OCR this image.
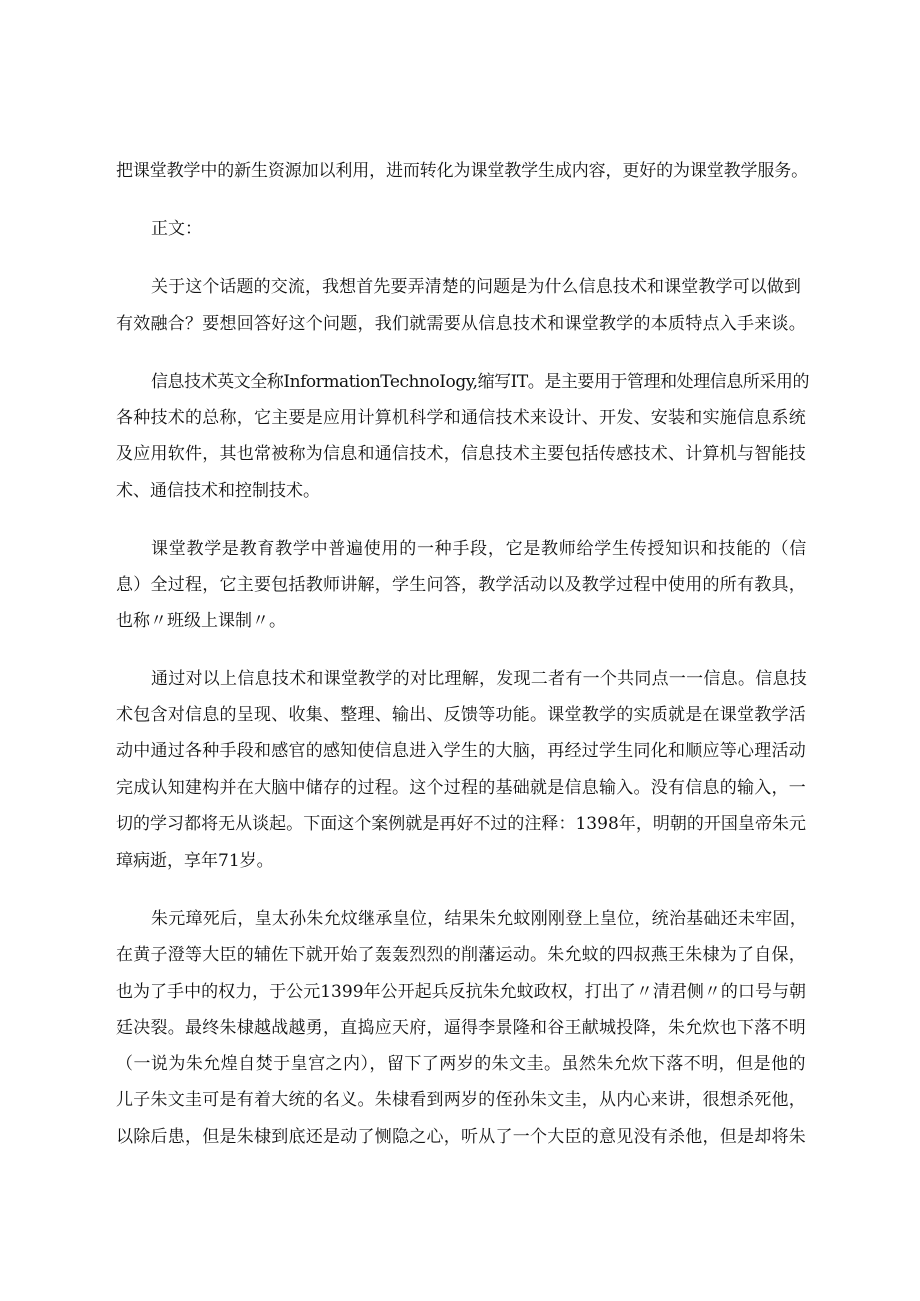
把课堂教学中的新生资源加以利用，进而转化为课堂教学生成内容，更好的为课堂教学服务。

正文：

关于这个话题的交流，我想首先要弄清楚的问题是为什么信息技术和课堂教学可以做到

有效融合？要想回答好这个问题，我们就需要从信息技术和课堂教学的本质特点入手来谈。

信息技术英文全称InformationTechnoIogy,缩写IT。是主要用于管理和处理信息所采用的

各种技术的总称，它主要是应用计算机科学和通信技术来设计、开发、安装和实施信息系统

及应用软件，其也常被称为信息和通信技术，信息技术主要包括传感技术、计算机与智能技

术、通信技术和控制技术。

课堂教学是教育教学中普遍使用的一种手段，它是教师给学生传授知识和技能的（信

息）全过程，它主要包括教师讲解，学生问答，教学活动以及教学过程中使用的所有教具，

也称〃班级上课制〃。

通过对以上信息技术和课堂教学的对比理解，发现二者有一个共同点一一信息。信息技

术包含对信息的呈现、收集、整理、输出、反馈等功能。课堂教学的实质就是在课堂教学活

动中通过各种手段和感官的感知使信息进入学生的大脑，再经过学生同化和顺应等心理活动

完成认知建构并在大脑中储存的过程。这个过程的基础就是信息输入。没有信息的输入，一

切的学习都将无从谈起。下面这个案例就是再好不过的注释：1398年，明朝的开国皇帝朱元

璋病逝，享年71岁。

朱元璋死后，皇太孙朱允炆继承皇位，结果朱允蚊刚刚登上皇位，统治基础还未牢固，

在黄子澄等大臣的辅佐下就开始了轰轰烈烈的削藩运动。朱允蚊的四叔燕王朱棣为了自保，

也为了手中的权力，于公元1399年公开起兵反抗朱允蚊政权，打出了〃清君侧〃的口号与朝

廷决裂。最终朱棣越战越勇，直捣应天府，逼得李景隆和谷王献城投降，朱允炊也下落不明

（一说为朱允煌自焚于皇宫之内），留下了两岁的朱文圭。虽然朱允炊下落不明，但是他的

儿子朱文圭可是有着大统的名义。朱棣看到两岁的侄孙朱文圭，从内心来讲，很想杀死他，

以除后患，但是朱棣到底还是动了恻隐之心，听从了一个大臣的意见没有杀他，但是却将朱
